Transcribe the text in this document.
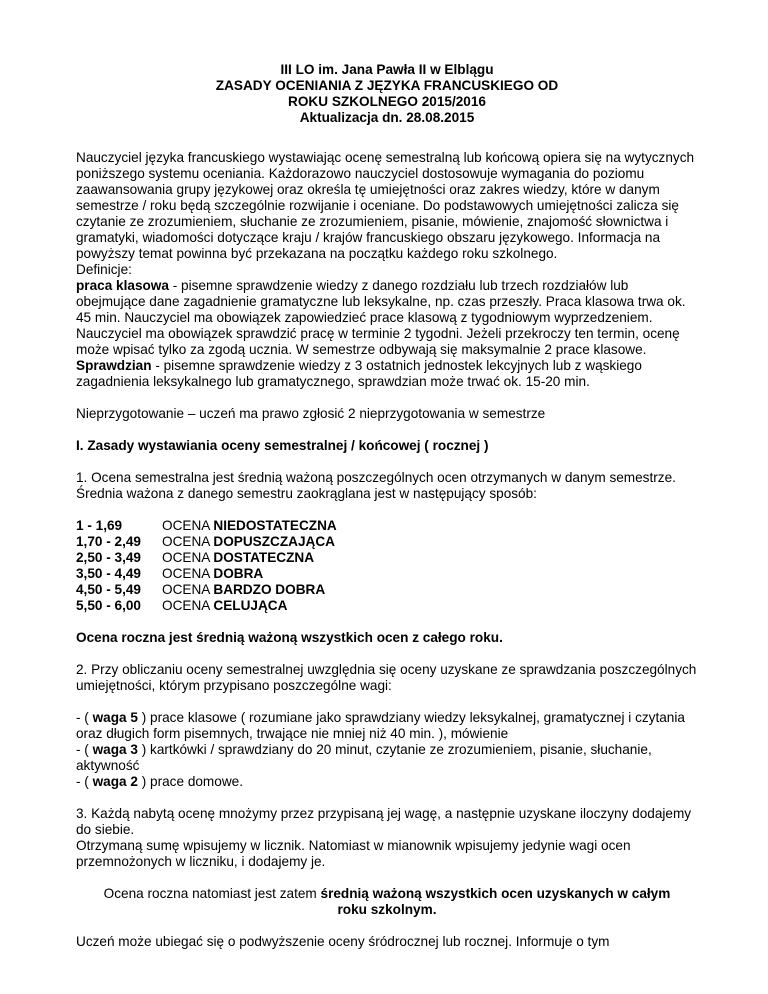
III LO im. Jana Pawła II w Elblągu
ZASADY OCENIANIA Z JĘZYKA FRANCUSKIEGO OD
ROKU SZKOLNEGO 2015/2016
Aktualizacja dn. 28.08.2015

Nauczyciel języka francuskiego wystawiając ocenę semestralną lub końcową opiera się na wytycznych poniższego systemu oceniania. Każdorazowo nauczyciel dostosowuje wymagania do poziomu zaawansowania grupy językowej oraz określa tę umiejętności oraz zakres wiedzy, które w danym semestrze / roku będą szczególnie rozwijanie i oceniane. Do podstawowych umiejętności zalicza się czytanie ze zrozumieniem, słuchanie ze zrozumieniem, pisanie, mówienie, znajomość słownictwa i gramatyki, wiadomości dotyczące kraju / krajów francuskiego obszaru językowego. Informacja na powyższy temat powinna być przekazana na początku każdego roku szkolnego.
Definicje:
praca klasowa - pisemne sprawdzenie wiedzy z danego rozdziału lub trzech rozdziałów lub obejmujące dane zagadnienie gramatyczne lub leksykalne, np. czas przeszły. Praca klasowa trwa ok. 45 min. Nauczyciel ma obowiązek zapowiedzieć prace klasową z tygodniowym wyprzedzeniem. Nauczyciel ma obowiązek sprawdzić pracę w terminie 2 tygodni. Jeżeli przekroczy ten termin, ocenę może wpisać tylko za zgodą ucznia. W semestrze odbywają się maksymalnie 2 prace klasowe.
Sprawdzian - pisemne sprawdzenie wiedzy z 3 ostatnich jednostek lekcyjnych lub z wąskiego zagadnienia leksykalnego lub gramatycznego, sprawdzian może trwać ok. 15-20 min.

Nieprzygotowanie – uczeń ma prawo zgłosić 2 nieprzygotowania w semestrze

I. Zasady wystawiania oceny semestralnej / końcowej ( rocznej )

1. Ocena semestralna jest średnią ważoną poszczególnych ocen otrzymanych w danym semestrze. Średnia ważona z danego semestru zaokrąglana jest w następujący sposób:

1 - 1,69	OCENA NIEDOSTATECZNA
1,70 - 2,49	OCENA DOPUSZCZAJĄCA
2,50 - 3,49	OCENA DOSTATECZNA
3,50 - 4,49	OCENA DOBRA
4,50 - 5,49	OCENA BARDZO DOBRA
5,50 - 6,00	OCENA CELUJĄCA

Ocena roczna jest średnią ważoną wszystkich ocen z całego roku.

2. Przy obliczaniu oceny semestralnej uwzględnia się oceny uzyskane ze sprawdzania poszczególnych umiejętności, którym przypisano poszczególne wagi:

- ( waga 5 ) prace klasowe ( rozumiane jako sprawdziany wiedzy leksykalnej, gramatycznej i czytania oraz długich form pisemnych, trwające nie mniej niż 40 min. ), mówienie
- ( waga 3 ) kartkówki / sprawdziany do 20 minut, czytanie ze zrozumieniem, pisanie, słuchanie, aktywność
- ( waga 2 ) prace domowe.

3. Każdą nabytą ocenę mnożymy przez przypisaną jej wagę, a następnie uzyskane iloczyny dodajemy do siebie.
Otrzymaną sumę wpisujemy w licznik. Natomiast w mianownik wpisujemy jedynie wagi ocen przemnożonych w liczniku, i dodajemy je.

Ocena roczna natomiast jest zatem średnią ważoną wszystkich ocen uzyskanych w całym roku szkolnym.

Uczeń może ubiegać się o podwyższenie oceny śródrocznej lub rocznej. Informuje o tym
